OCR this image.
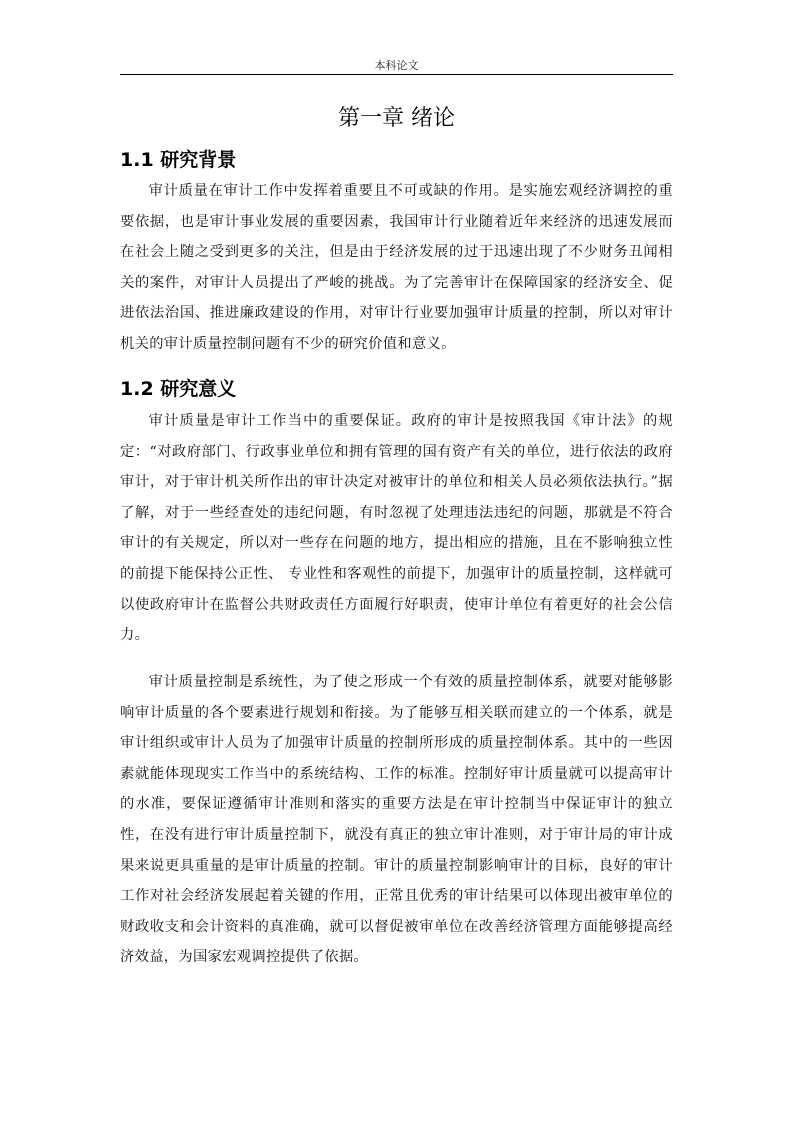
本科论文
第一章 绪论
1.1 研究背景

审计质量在审计工作中发挥着重要且不可或缺的作用。是实施宏观经济调控的重要依据，也是审计事业发展的重要因素，我国审计行业随着近年来经济的迅速发展而在社会上随之受到更多的关注，但是由于经济发展的过于迅速出现了不少财务丑闻相关的案件，对审计人员提出了严峻的挑战。为了完善审计在保障国家的经济安全、促进依法治国、推进廉政建设的作用，对审计行业要加强审计质量的控制，所以对审计机关的审计质量控制问题有不少的研究价值和意义。

1.2 研究意义

审计质量是审计工作当中的重要保证。政府的审计是按照我国《审计法》的规定：“对政府部门、行政事业单位和拥有管理的国有资产有关的单位，进行依法的政府审计，对于审计机关所作出的审计决定对被审计的单位和相关人员必须依法执行。”据了解，对于一些经查处的违纪问题，有时忽视了处理违法违纪的问题，那就是不符合审计的有关规定，所以对一些存在问题的地方，提出相应的措施，且在不影响独立性的前提下能保持公正性、 专业性和客观性的前提下，加强审计的质量控制，这样就可以使政府审计在监督公共财政责任方面履行好职责，使审计单位有着更好的社会公信力。

审计质量控制是系统性，为了使之形成一个有效的质量控制体系，就要对能够影响审计质量的各个要素进行规划和衔接。为了能够互相关联而建立的一个体系，就是审计组织或审计人员为了加强审计质量的控制所形成的质量控制体系。其中的一些因素就能体现现实工作当中的系统结构、工作的标准。控制好审计质量就可以提高审计的水准，要保证遵循审计准则和落实的重要方法是在审计控制当中保证审计的独立性，在没有进行审计质量控制下，就没有真正的独立审计准则，对于审计局的审计成果来说更具重量的是审计质量的控制。审计的质量控制影响审计的目标，良好的审计工作对社会经济发展起着关键的作用，正常且优秀的审计结果可以体现出被审单位的财政收支和会计资料的真准确，就可以督促被审单位在改善经济管理方面能够提高经济效益，为国家宏观调控提供了依据。
